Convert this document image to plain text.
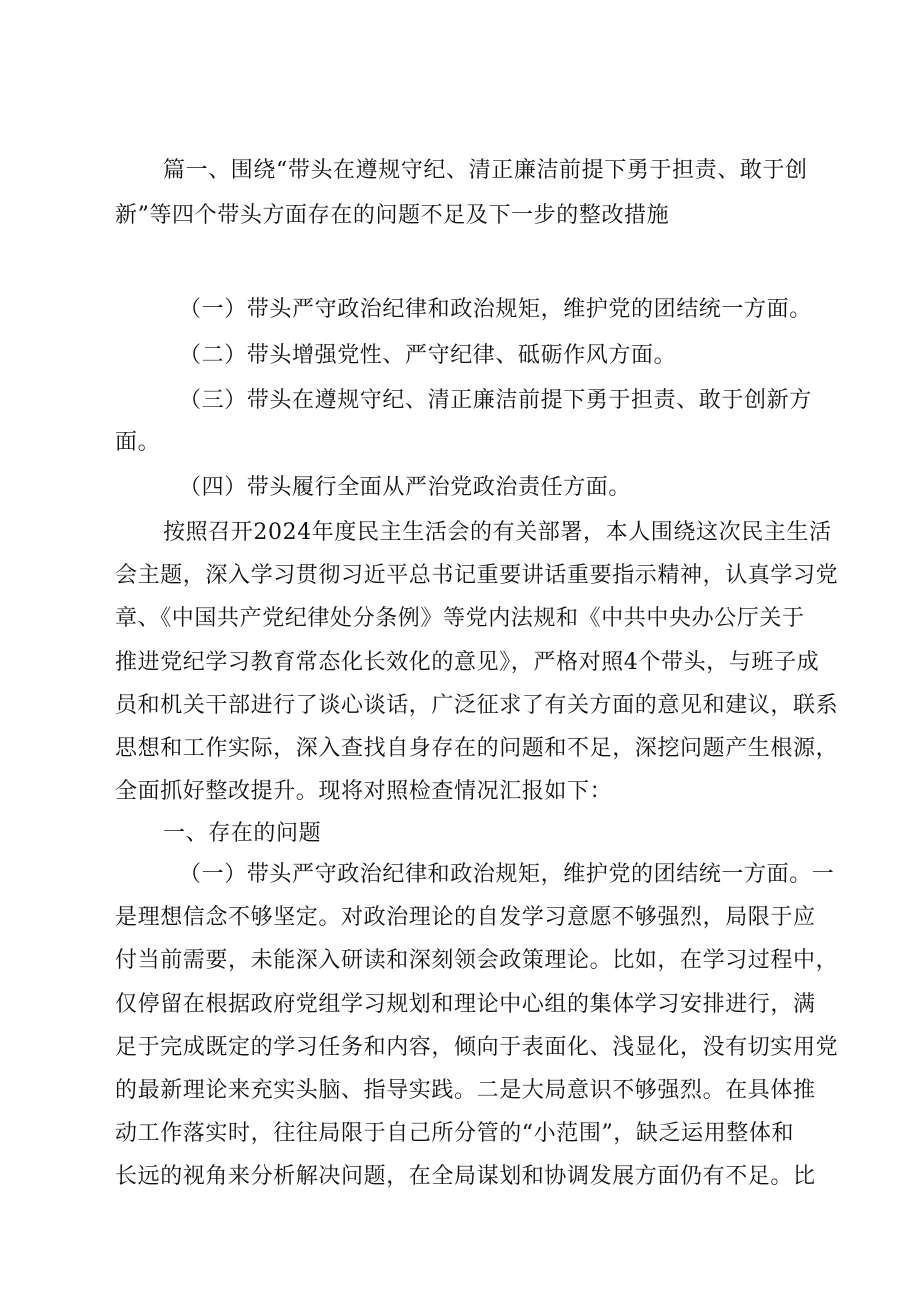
篇一、围绕“带头在遵规守纪、清正廉洁前提下勇于担责、敢于创
新”等四个带头方面存在的问题不足及下一步的整改措施
（一）带头严守政治纪律和政治规矩，维护党的团结统一方面。
（二）带头增强党性、严守纪律、砥砺作风方面。
（三）带头在遵规守纪、清正廉洁前提下勇于担责、敢于创新方
面。
（四）带头履行全面从严治党政治责任方面。
按照召开2024年度民主生活会的有关部署，本人围绕这次民主生活
会主题，深入学习贯彻习近平总书记重要讲话重要指示精神，认真学习党
章、《中国共产党纪律处分条例》等党内法规和《中共中央办公厅关于
推进党纪学习教育常态化长效化的意见》，严格对照4个带头，与班子成
员和机关干部进行了谈心谈话，广泛征求了有关方面的意见和建议，联系
思想和工作实际，深入查找自身存在的问题和不足，深挖问题产生根源，
全面抓好整改提升。现将对照检查情况汇报如下：
一、存在的问题
（一）带头严守政治纪律和政治规矩，维护党的团结统一方面。一
是理想信念不够坚定。对政治理论的自发学习意愿不够强烈，局限于应
付当前需要，未能深入研读和深刻领会政策理论。比如，在学习过程中，
仅停留在根据政府党组学习规划和理论中心组的集体学习安排进行，满
足于完成既定的学习任务和内容，倾向于表面化、浅显化，没有切实用党
的最新理论来充实头脑、指导实践。二是大局意识不够强烈。在具体推
动工作落实时，往往局限于自己所分管的“小范围”，缺乏运用整体和
长远的视角来分析解决问题，在全局谋划和协调发展方面仍有不足。比
